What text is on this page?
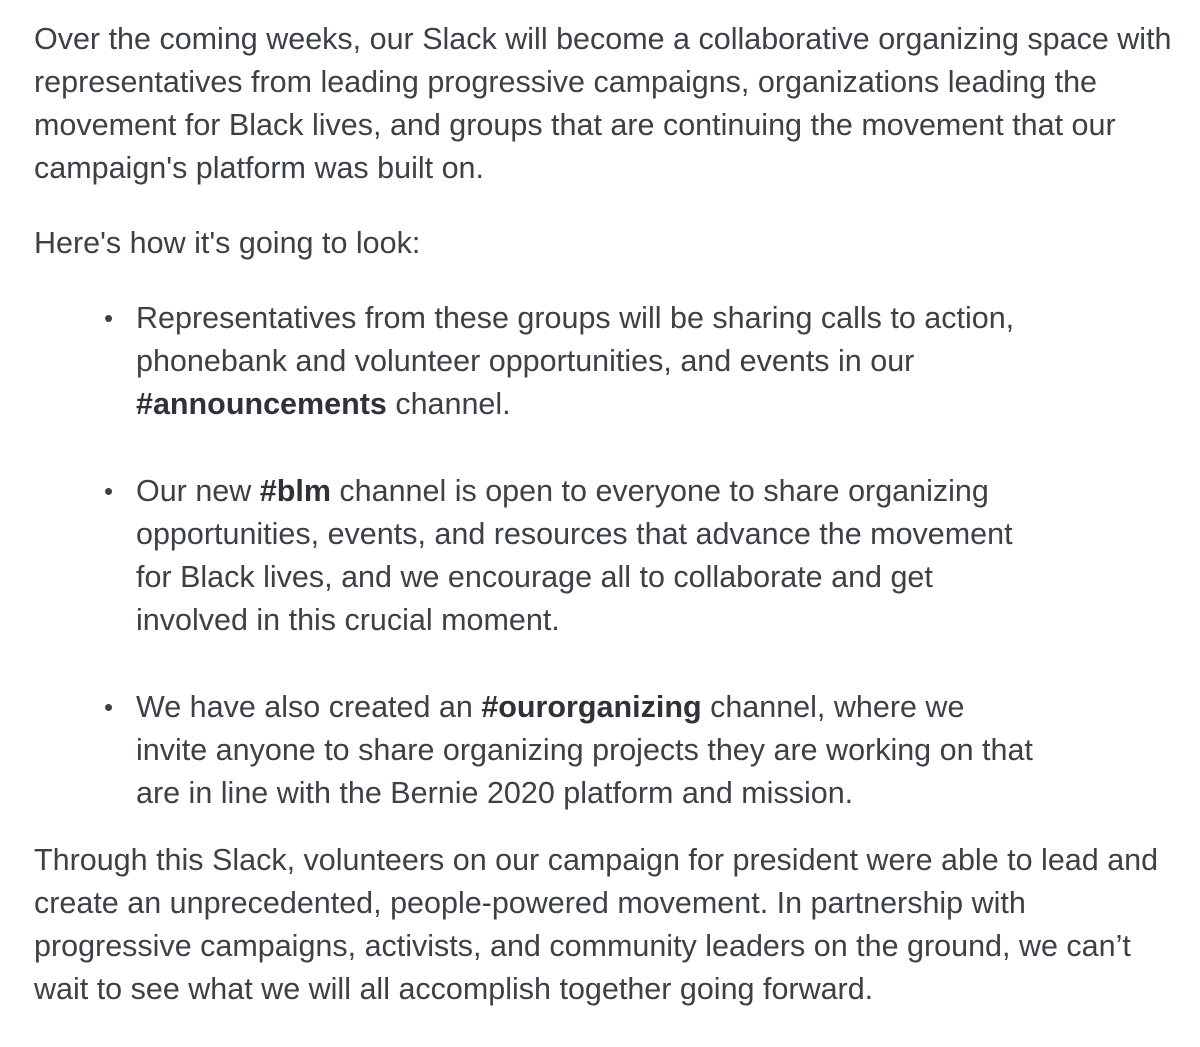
Over the coming weeks, our Slack will become a collaborative organizing space with representatives from leading progressive campaigns, organizations leading the movement for Black lives, and groups that are continuing the movement that our campaign's platform was built on.

Here's how it's going to look:

• Representatives from these groups will be sharing calls to action, phonebank and volunteer opportunities, and events in our #announcements channel.
• Our new #blm channel is open to everyone to share organizing opportunities, events, and resources that advance the movement for Black lives, and we encourage all to collaborate and get involved in this crucial moment.
• We have also created an #ourorganizing channel, where we invite anyone to share organizing projects they are working on that are in line with the Bernie 2020 platform and mission.

Through this Slack, volunteers on our campaign for president were able to lead and create an unprecedented, people-powered movement. In partnership with progressive campaigns, activists, and community leaders on the ground, we can’t wait to see what we will all accomplish together going forward.
